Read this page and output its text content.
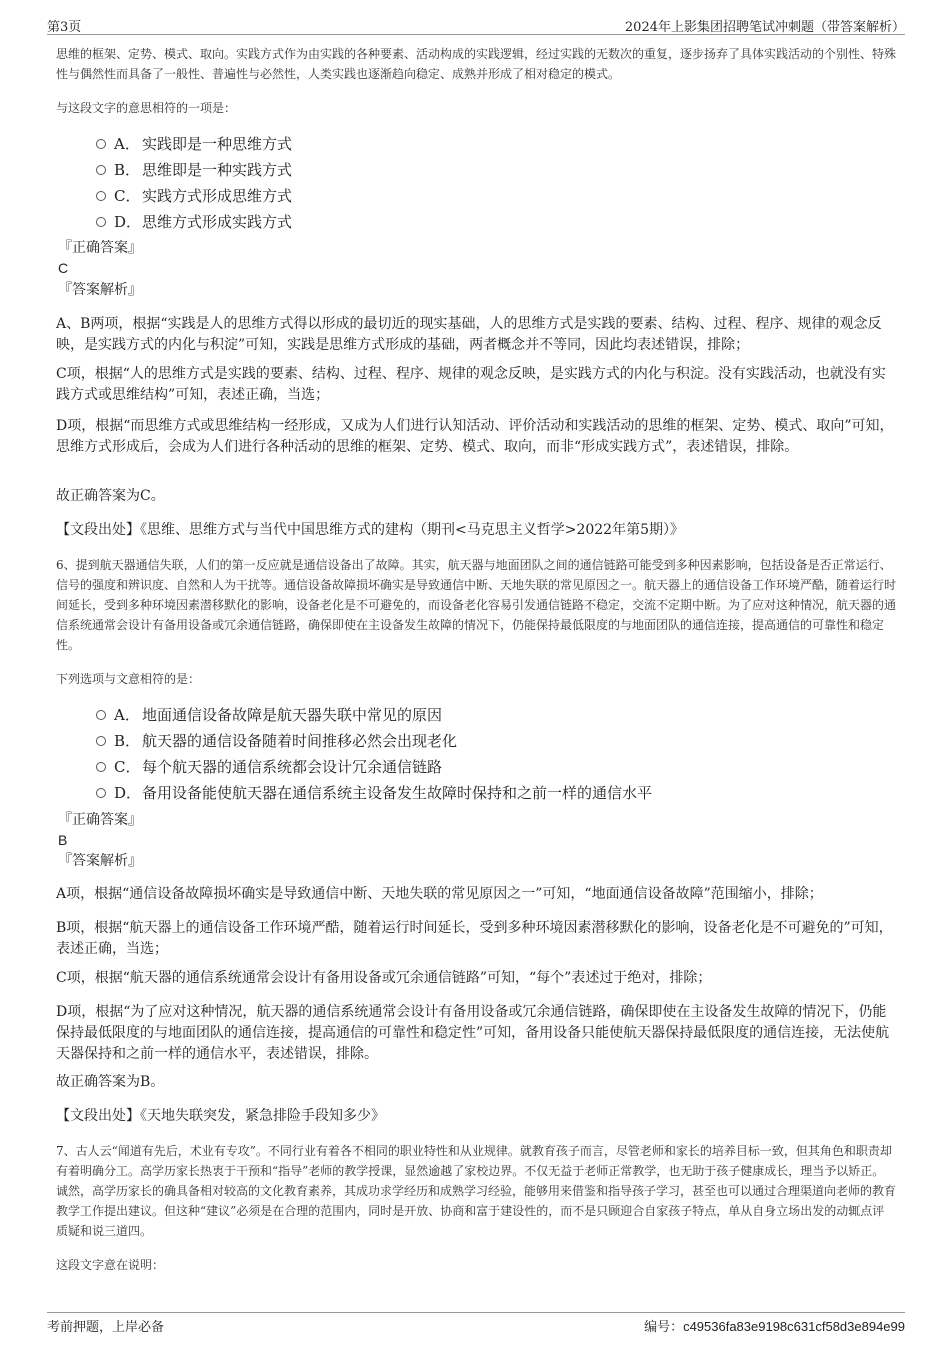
第3页	2024年上影集团招聘笔试冲刺题（带答案解析）
思维的框架、定势、模式、取向。实践方式作为由实践的各种要素、活动构成的实践逻辑，经过实践的无数次的重复，逐步扬弃了具体实践活动的个别性、特殊性与偶然性而具备了一般性、普遍性与必然性，人类实践也逐渐趋向稳定、成熟并形成了相对稳定的模式。
与这段文字的意思相符的一项是：
A． 实践即是一种思维方式
B． 思维即是一种实践方式
C． 实践方式形成思维方式
D．思维方式形成实践方式
『正确答案』
C
『答案解析』
A、B两项，根据“实践是人的思维方式得以形成的最切近的现实基础，人的思维方式是实践的要素、结构、过程、程序、规律的观念反映，是实践方式的内化与积淀”可知，实践是思维方式形成的基础，两者概念并不等同，因此均表述错误，排除；
C项，根据“人的思维方式是实践的要素、结构、过程、程序、规律的观念反映，是实践方式的内化与积淀。没有实践活动，也就没有实践方式或思维结构”可知，表述正确，当选；
D项，根据“而思维方式或思维结构一经形成，又成为人们进行认知活动、评价活动和实践活动的思维的框架、定势、模式、取向”可知，思维方式形成后，会成为人们进行各种活动的思维的框架、定势、模式、取向，而非“形成实践方式”，表述错误，排除。
故正确答案为C。
【文段出处】《思维、思维方式与当代中国思维方式的建构（期刊<马克思主义哲学>2022年第5期）》
6、提到航天器通信失联，人们的第一反应就是通信设备出了故障。其实，航天器与地面团队之间的通信链路可能受到多种因素影响，包括设备是否正常运行、信号的强度和辨识度、自然和人为干扰等。通信设备故障损坏确实是导致通信中断、天地失联的常见原因之一。航天器上的通信设备工作环境严酷，随着运行时间延长，受到多种环境因素潜移默化的影响，设备老化是不可避免的，而设备老化容易引发通信链路不稳定，交流不定期中断。为了应对这种情况，航天器的通信系统通常会设计有备用设备或冗余通信链路，确保即使在主设备发生故障的情况下，仍能保持最低限度的与地面团队的通信连接，提高通信的可靠性和稳定性。
下列选项与文意相符的是：
A． 地面通信设备故障是航天器失联中常见的原因
B． 航天器的通信设备随着时间推移必然会出现老化
C． 每个航天器的通信系统都会设计冗余通信链路
D．备用设备能使航天器在通信系统主设备发生故障时保持和之前一样的通信水平
『正确答案』
B
『答案解析』
A项，根据“通信设备故障损坏确实是导致通信中断、天地失联的常见原因之一”可知，“地面通信设备故障”范围缩小，排除；
B项，根据“航天器上的通信设备工作环境严酷，随着运行时间延长，受到多种环境因素潜移默化的影响，设备老化是不可避免的”可知，表述正确，当选；
C项，根据“航天器的通信系统通常会设计有备用设备或冗余通信链路”可知，“每个”表述过于绝对，排除；
D项，根据“为了应对这种情况，航天器的通信系统通常会设计有备用设备或冗余通信链路，确保即使在主设备发生故障的情况下，仍能保持最低限度的与地面团队的通信连接，提高通信的可靠性和稳定性”可知，备用设备只能使航天器保持最低限度的通信连接，无法使航天器保持和之前一样的通信水平，表述错误，排除。
故正确答案为B。
【文段出处】《天地失联突发，紧急排险手段知多少》
7、古人云“闻道有先后，术业有专攻”。不同行业有着各不相同的职业特性和从业规律。就教育孩子而言，尽管老师和家长的培养目标一致，但其角色和职责却有着明确分工。高学历家长热衷于干预和“指导”老师的教学授课，显然逾越了家校边界。不仅无益于老师正常教学，也无助于孩子健康成长，理当予以矫正。诚然，高学历家长的确具备相对较高的文化教育素养，其成功求学经历和成熟学习经验，能够用来借鉴和指导孩子学习，甚至也可以通过合理渠道向老师的教育教学工作提出建议。但这种“建议”必须是在合理的范围内，同时是开放、协商和富于建设性的，而不是只顾迎合自家孩子特点，单从自身立场出发的动辄点评质疑和说三道四。
这段文字意在说明：
考前押题，上岸必备	编号：c49536fa83e9198c631cf58d3e894e99
